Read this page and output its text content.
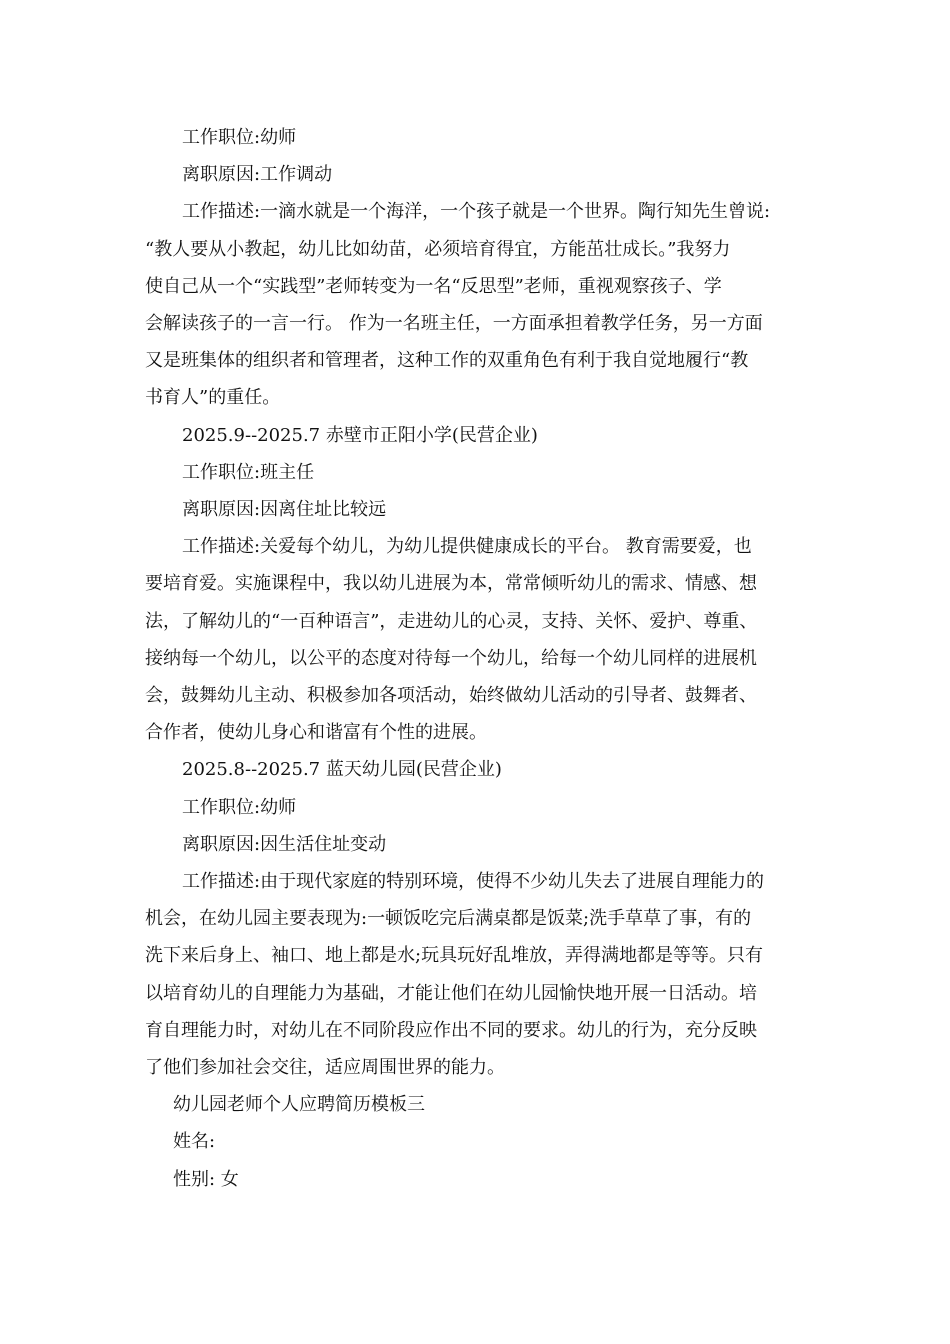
工作职位:幼师

离职原因:工作调动

工作描述:一滴水就是一个海洋，一个孩子就是一个世界。陶行知先生曾说:

“教人要从小教起，幼儿比如幼苗，必须培育得宜，方能茁壮成长。”我努力

使自己从一个“实践型”老师转变为一名“反思型”老师，重视观察孩子、学

会解读孩子的一言一行。 作为一名班主任，一方面承担着教学任务，另一方面

又是班集体的组织者和管理者，这种工作的双重角色有利于我自觉地履行“教

书育人”的重任。

2025.9--2025.7 赤壁市正阳小学(民营企业)

工作职位:班主任

离职原因:因离住址比较远

工作描述:关爱每个幼儿，为幼儿提供健康成长的平台。 教育需要爱，也

要培育爱。实施课程中，我以幼儿进展为本，常常倾听幼儿的需求、情感、想

法，了解幼儿的“一百种语言”，走进幼儿的心灵，支持、关怀、爱护、尊重、

接纳每一个幼儿，以公平的态度对待每一个幼儿，给每一个幼儿同样的进展机

会，鼓舞幼儿主动、积极参加各项活动，始终做幼儿活动的引导者、鼓舞者、

合作者，使幼儿身心和谐富有个性的进展。

2025.8--2025.7 蓝天幼儿园(民营企业)

工作职位:幼师

离职原因:因生活住址变动

工作描述:由于现代家庭的特别环境，使得不少幼儿失去了进展自理能力的

机会，在幼儿园主要表现为:一顿饭吃完后满桌都是饭菜;洗手草草了事，有的

洗下来后身上、袖口、地上都是水;玩具玩好乱堆放，弄得满地都是等等。只有

以培育幼儿的自理能力为基础，才能让他们在幼儿园愉快地开展一日活动。培

育自理能力时，对幼儿在不同阶段应作出不同的要求。幼儿的行为，充分反映

了他们参加社会交往，适应周围世界的能力。

幼儿园老师个人应聘简历模板三

姓名:

性别: 女
